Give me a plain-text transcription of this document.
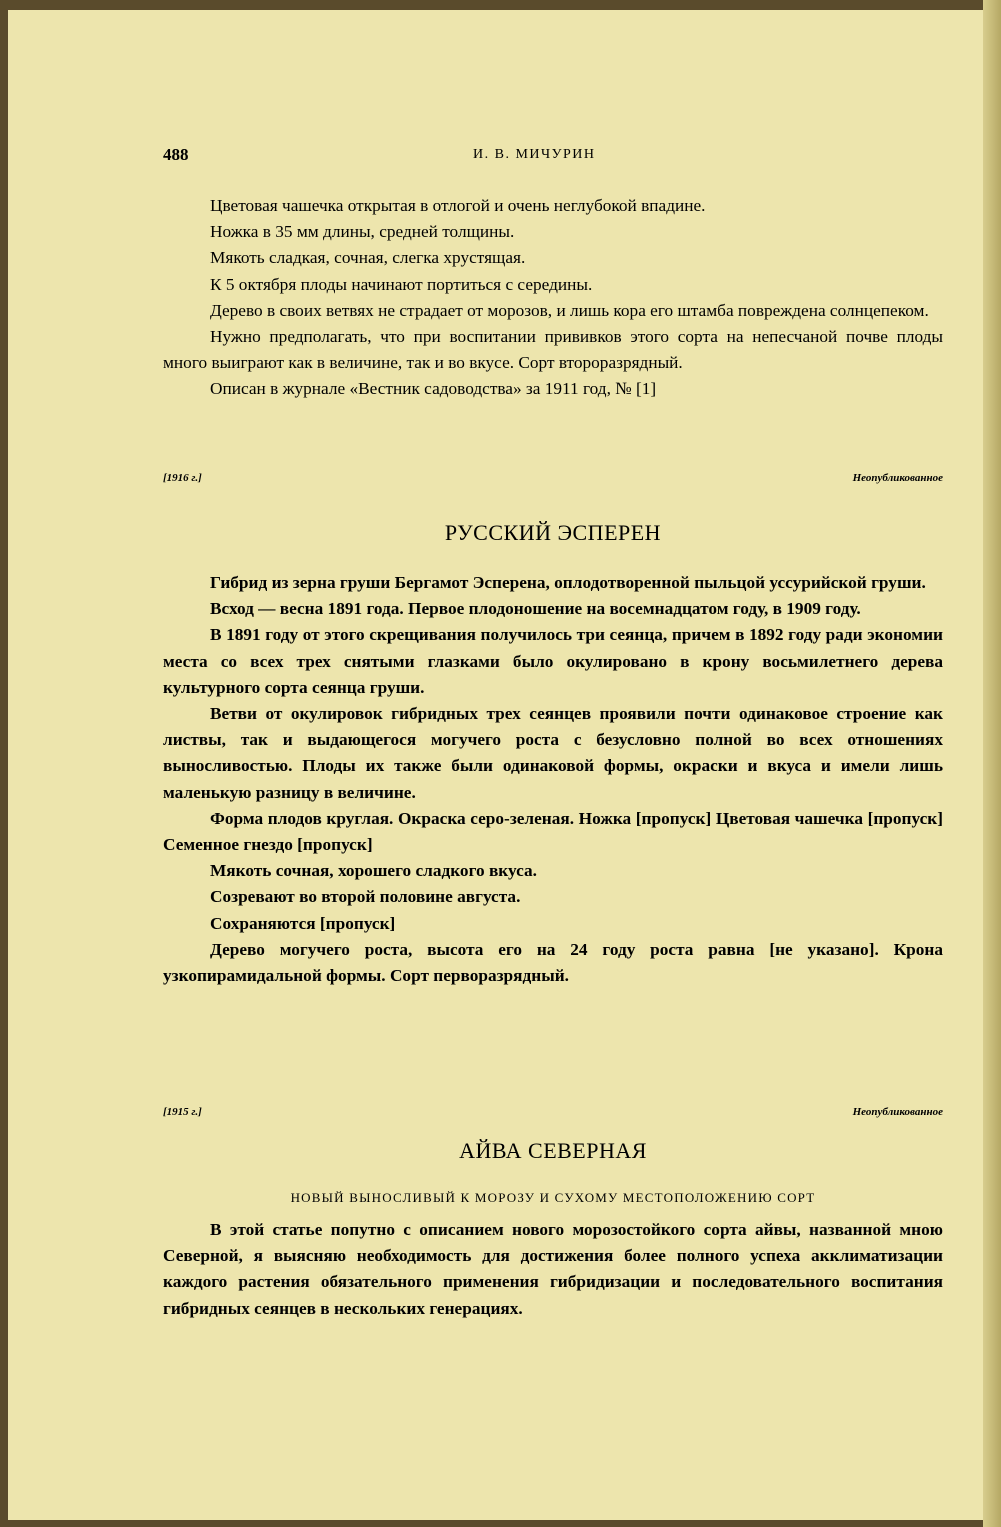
488	И. В. МИЧУРИН

Цветовая чашечка открытая в отлогой и очень неглубокой впадине.

Ножка в 35 мм длины, средней толщины.

Мякоть сладкая, сочная, слегка хрустящая.

К 5 октября плоды начинают портиться с середины.

Дерево в своих ветвях не страдает от морозов, и лишь кора его штамба повреждена солнцепеком.

Нужно предполагать, что при воспитании прививков этого сорта на непесчаной почве плоды много выиграют как в величине, так и во вкусе. Сорт второразрядный.

Описан в журнале «Вестник садоводства» за 1911 год, № [1]

[1916 г.]	Неопубликованное
РУССКИЙ ЭСПЕРЕН

Гибрид из зерна груши Бергамот Эсперена, оплодотворенной пыльцой уссурийской груши.

Всход — весна 1891 года. Первое плодоношение на восемнадцатом году, в 1909 году.

В 1891 году от этого скрещивания получилось три сеянца, причем в 1892 году ради экономии места со всех трех снятыми глазками было окулировано в крону восьмилетнего дерева культурного сорта сеянца груши.

Ветви от окулировок гибридных трех сеянцев проявили почти одинаковое строение как листвы, так и выдающегося могучего роста с безусловно полной во всех отношениях выносливостью. Плоды их также были одинаковой формы, окраски и вкуса и имели лишь маленькую разницу в величине.

Форма плодов круглая. Окраска серо-зеленая. Ножка [пропуск] Цветовая чашечка [пропуск] Семенное гнездо [пропуск]

Мякоть сочная, хорошего сладкого вкуса.

Созревают во второй половине августа.

Сохраняются [пропуск]

Дерево могучего роста, высота его на 24 году роста равна [не указано]. Крона узкопирамидальной формы. Сорт перворазрядный.

[1915 г.]	Неопубликованное
АЙВА СЕВЕРНАЯ
НОВЫЙ ВЫНОСЛИВЫЙ К МОРОЗУ И СУХОМУ МЕСТОПОЛОЖЕНИЮ СОРТ

В этой статье попутно с описанием нового морозостойкого сорта айвы, названной мною Северной, я выясняю необходимость для достижения более полного успеха акклиматизации каждого растения обязательного применения гибридизации и последовательного воспитания гибридных сеянцев в нескольких генерациях.
